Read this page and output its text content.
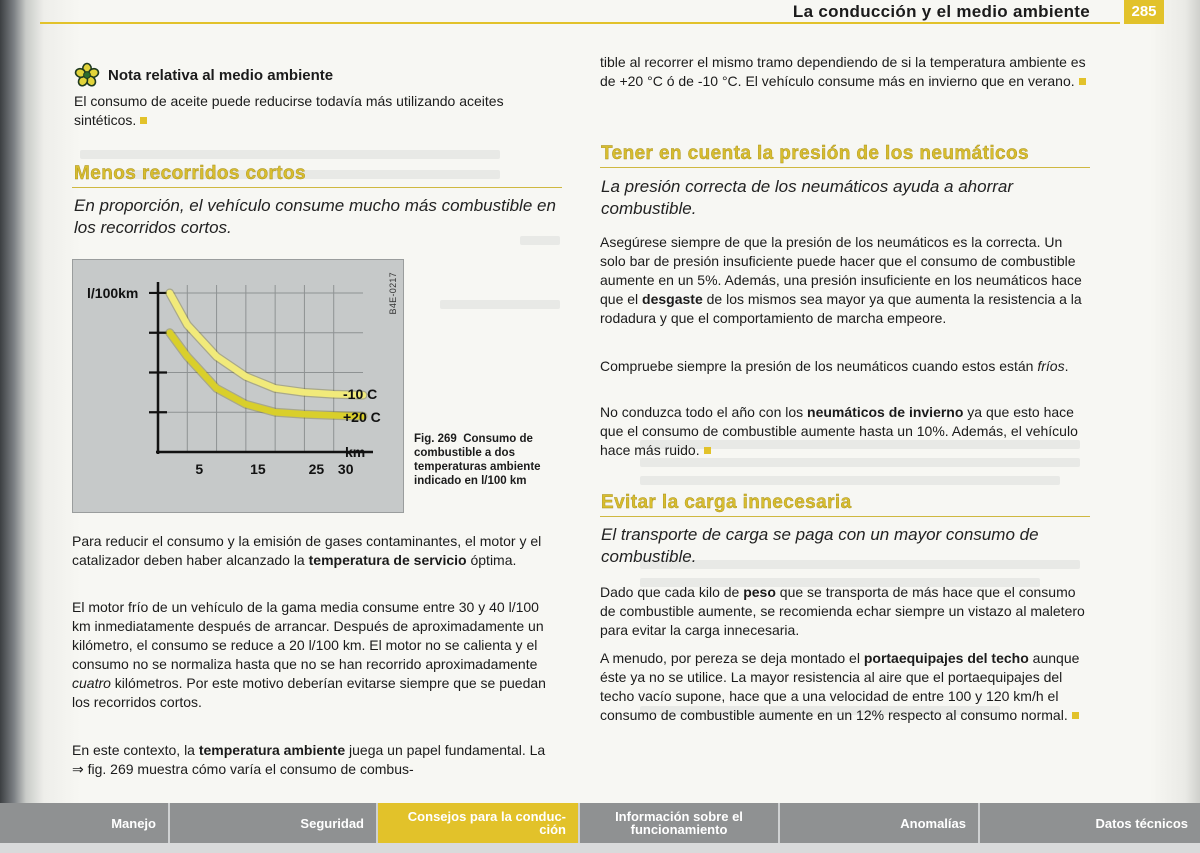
La conducción y el medio ambiente	285
Nota relativa al medio ambiente
El consumo de aceite puede reducirse todavía más utilizando aceites sintéticos.
Menos recorridos cortos
En proporción, el vehículo consume mucho más combustible en los recorridos cortos.
-10 C
+20 C
l/100km
km
5	15	25 30
B4E-0217
Fig. 269 Consumo de combustible a dos temperaturas ambiente indicado en l/100 km
Para reducir el consumo y la emisión de gases contaminantes, el motor y el catalizador deben haber alcanzado la temperatura de servicio óptima.
El motor frío de un vehículo de la gama media consume entre 30 y 40 l/100 km inmediatamente después de arrancar. Después de aproximadamente un kilómetro, el consumo se reduce a 20 l/100 km. El motor no se calienta y el consumo no se normaliza hasta que no se han recorrido aproximadamente cuatro kilómetros. Por este motivo deberían evitarse siempre que se puedan los recorridos cortos.
En este contexto, la temperatura ambiente juega un papel fundamental. La ⇒ fig. 269 muestra cómo varía el consumo de combus-
tible al recorrer el mismo tramo dependiendo de si la temperatura ambiente es de +20 °C ó de -10 °C. El vehículo consume más en invierno que en verano.
Tener en cuenta la presión de los neumáticos
La presión correcta de los neumáticos ayuda a ahorrar combustible.
Asegúrese siempre de que la presión de los neumáticos es la correcta. Un solo bar de presión insuficiente puede hacer que el consumo de combustible aumente en un 5%. Además, una presión insuficiente en los neumáticos hace que el desgaste de los mismos sea mayor ya que aumenta la resistencia a la rodadura y que el comportamiento de marcha empeore.
Compruebe siempre la presión de los neumáticos cuando estos están fríos.
No conduzca todo el año con los neumáticos de invierno ya que esto hace que el consumo de combustible aumente hasta un 10%. Además, el vehículo hace más ruido.
Evitar la carga innecesaria
El transporte de carga se paga con un mayor consumo de combustible.
Dado que cada kilo de peso que se transporta de más hace que el consumo de combustible aumente, se recomienda echar siempre un vistazo al maletero para evitar la carga innecesaria.
A menudo, por pereza se deja montado el portaequipajes del techo aunque éste ya no se utilice. La mayor resistencia al aire que el portaequipajes del techo vacío supone, hace que a una velocidad de entre 100 y 120 km/h el consumo de combustible aumente en un 12% respecto al consumo normal.
Manejo	Seguridad	Consejos para la conduc-
ción
Información sobre el
funcionamiento	Anomalías	Datos técnicos
